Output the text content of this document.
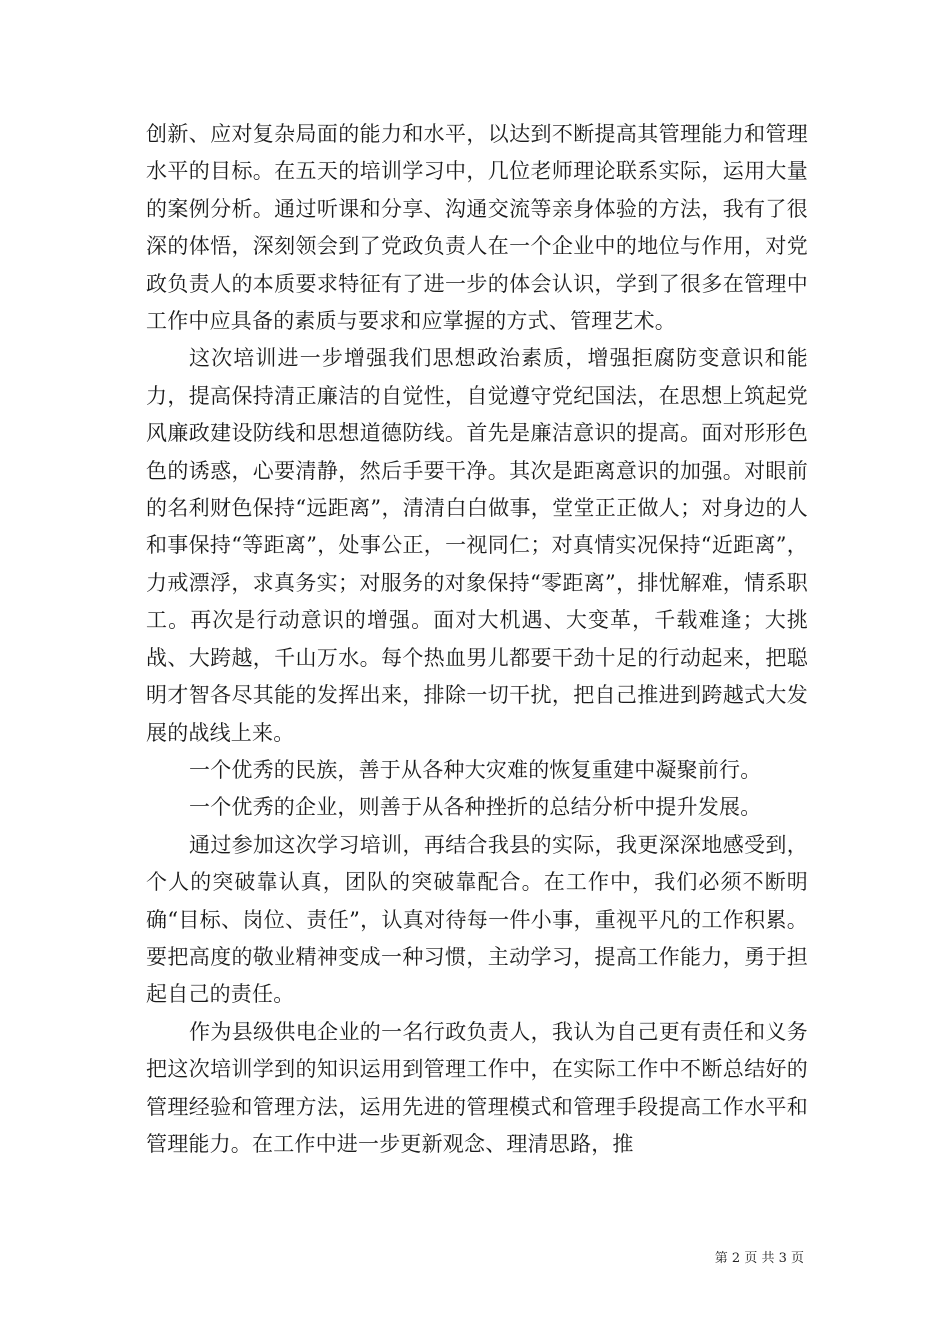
创新、应对复杂局面的能力和水平，以达到不断提高其管理能力和管理水平的目标。在五天的培训学习中，几位老师理论联系实际，运用大量的案例分析。通过听课和分享、沟通交流等亲身体验的方法，我有了很深的体悟，深刻领会到了党政负责人在一个企业中的地位与作用，对党政负责人的本质要求特征有了进一步的体会认识，学到了很多在管理中工作中应具备的素质与要求和应掌握的方式、管理艺术。

这次培训进一步增强我们思想政治素质，增强拒腐防变意识和能力，提高保持清正廉洁的自觉性，自觉遵守党纪国法，在思想上筑起党风廉政建设防线和思想道德防线。首先是廉洁意识的提高。面对形形色色的诱惑，心要清静，然后手要干净。其次是距离意识的加强。对眼前的名利财色保持“远距离”，清清白白做事，堂堂正正做人；对身边的人和事保持“等距离”，处事公正，一视同仁；对真情实况保持“近距离”，力戒漂浮，求真务实；对服务的对象保持“零距离”，排忧解难，情系职工。再次是行动意识的增强。面对大机遇、大变革，千载难逢；大挑战、大跨越，千山万水。每个热血男儿都要干劲十足的行动起来，把聪明才智各尽其能的发挥出来，排除一切干扰，把自己推进到跨越式大发展的战线上来。

一个优秀的民族，善于从各种大灾难的恢复重建中凝聚前行。

一个优秀的企业，则善于从各种挫折的总结分析中提升发展。

通过参加这次学习培训，再结合我县的实际，我更深深地感受到，个人的突破靠认真，团队的突破靠配合。在工作中，我们必须不断明确“目标、岗位、责任”，认真对待每一件小事，重视平凡的工作积累。要把高度的敬业精神变成一种习惯，主动学习，提高工作能力，勇于担起自己的责任。

作为县级供电企业的一名行政负责人，我认为自己更有责任和义务把这次培训学到的知识运用到管理工作中，在实际工作中不断总结好的管理经验和管理方法，运用先进的管理模式和管理手段提高工作水平和管理能力。在工作中进一步更新观念、理清思路，推

第 2 页 共 3 页
